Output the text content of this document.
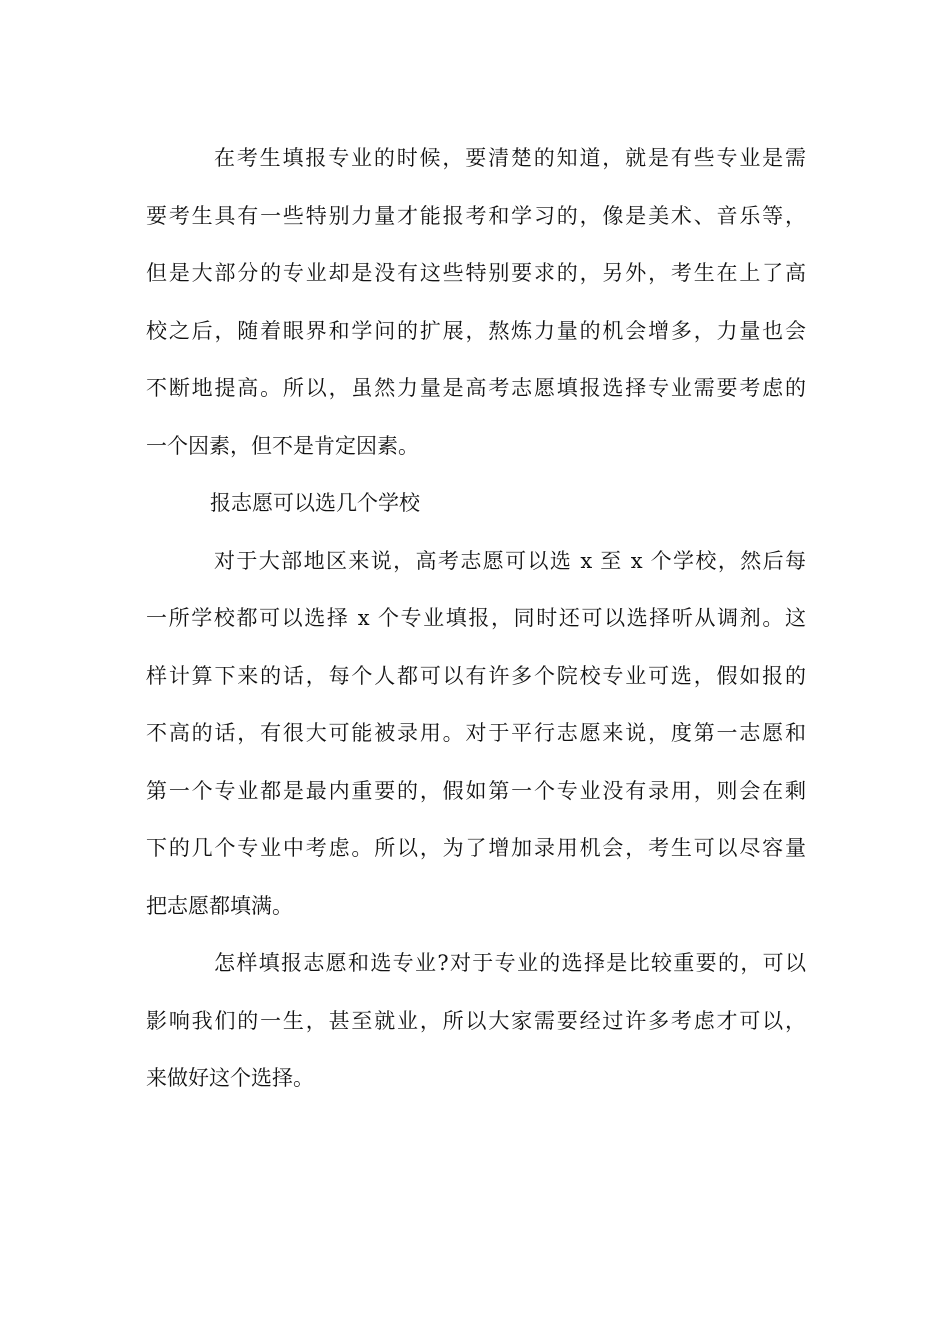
在考生填报专业的时候，要清楚的知道，就是有些专业是需
要考生具有一些特别力量才能报考和学习的，像是美术、音乐等，
但是大部分的专业却是没有这些特别要求的，另外，考生在上了高
校之后，随着眼界和学问的扩展，熬炼力量的机会增多，力量也会
不断地提高。所以，虽然力量是高考志愿填报选择专业需要考虑的
一个因素，但不是肯定因素。
报志愿可以选几个学校
对于大部地区来说，高考志愿可以选 x 至 x 个学校，然后每
一所学校都可以选择 x 个专业填报，同时还可以选择听从调剂。这
样计算下来的话，每个人都可以有许多个院校专业可选，假如报的
不高的话，有很大可能被录用。对于平行志愿来说，度第一志愿和
第一个专业都是最内重要的，假如第一个专业没有录用，则会在剩
下的几个专业中考虑。所以，为了增加录用机会，考生可以尽容量
把志愿都填满。
怎样填报志愿和选专业?对于专业的选择是比较重要的，可以
影响我们的一生，甚至就业，所以大家需要经过许多考虑才可以，
来做好这个选择。
